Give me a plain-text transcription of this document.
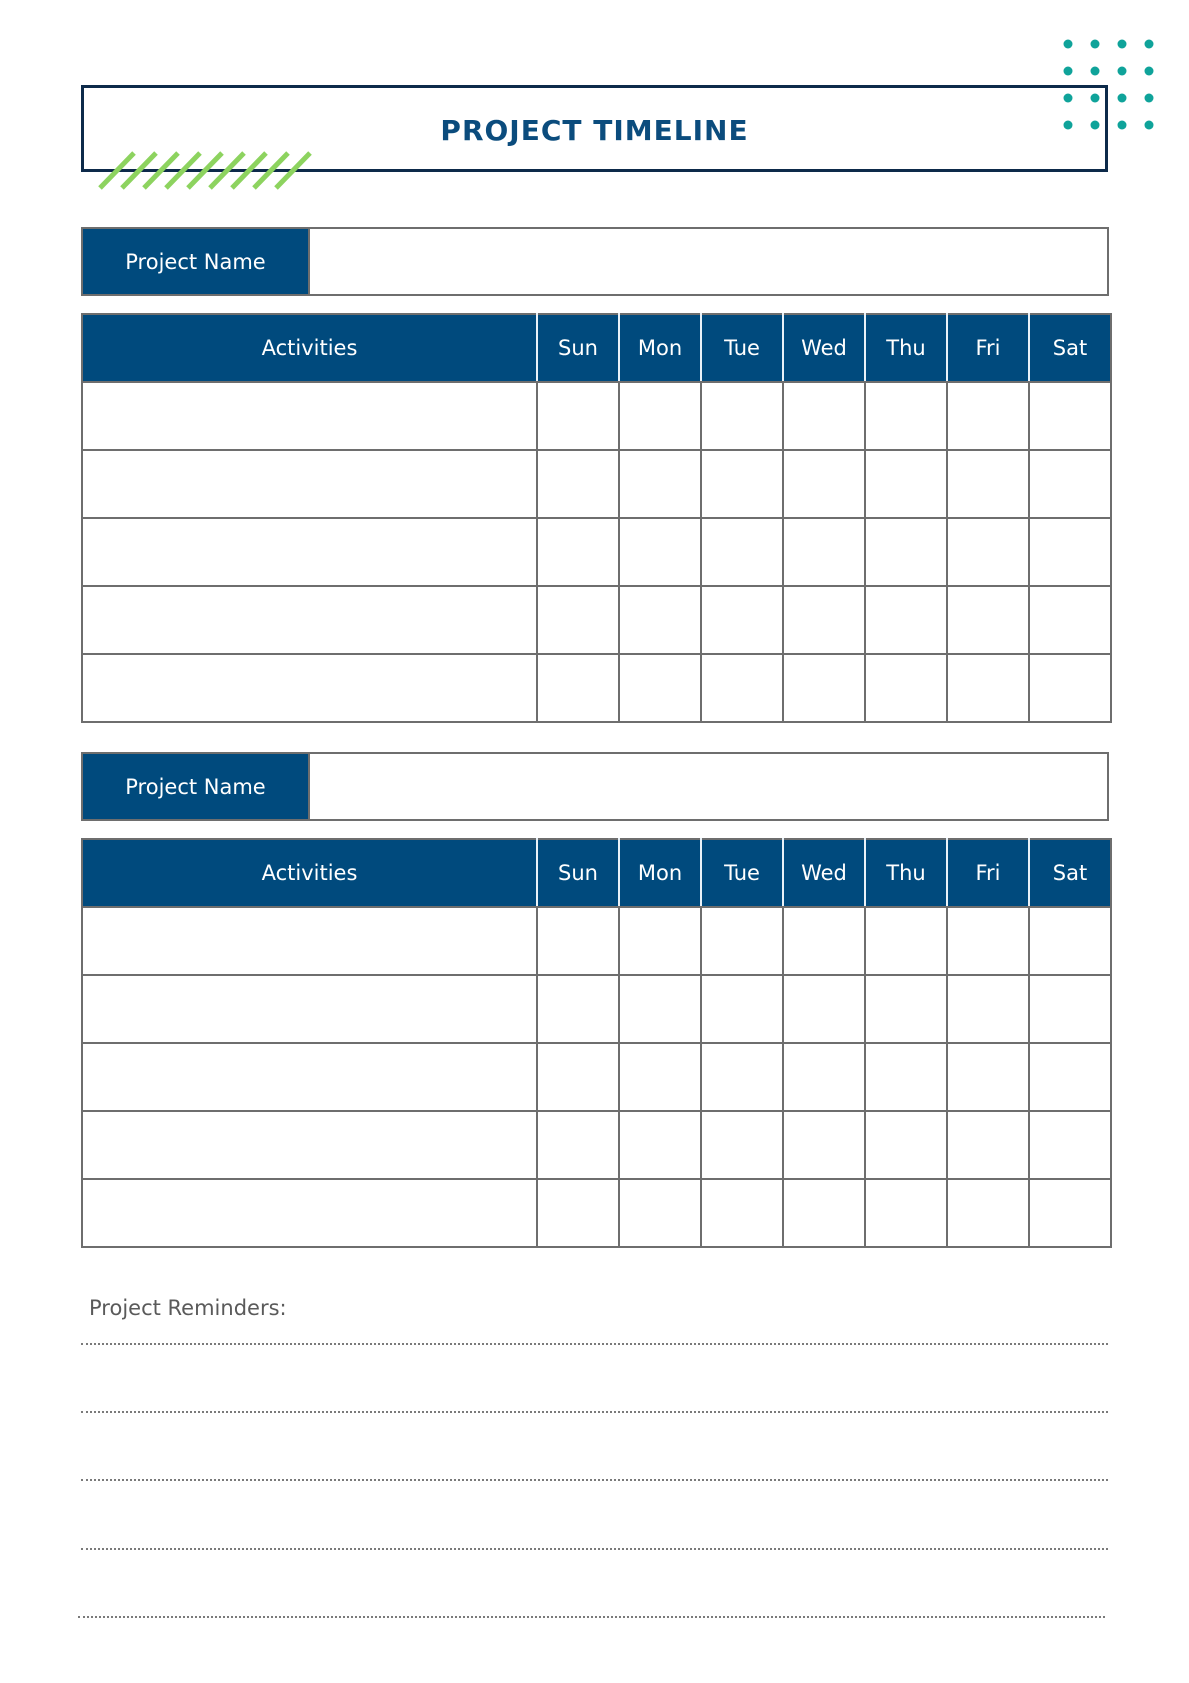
PROJECT TIMELINE
Project Name
Activities	Sun	Mon	Tue	Wed	Thu	Fri	Sat

Project Name
Activities	Sun	Mon	Tue	Wed	Thu	Fri	Sat

Project Reminders:
